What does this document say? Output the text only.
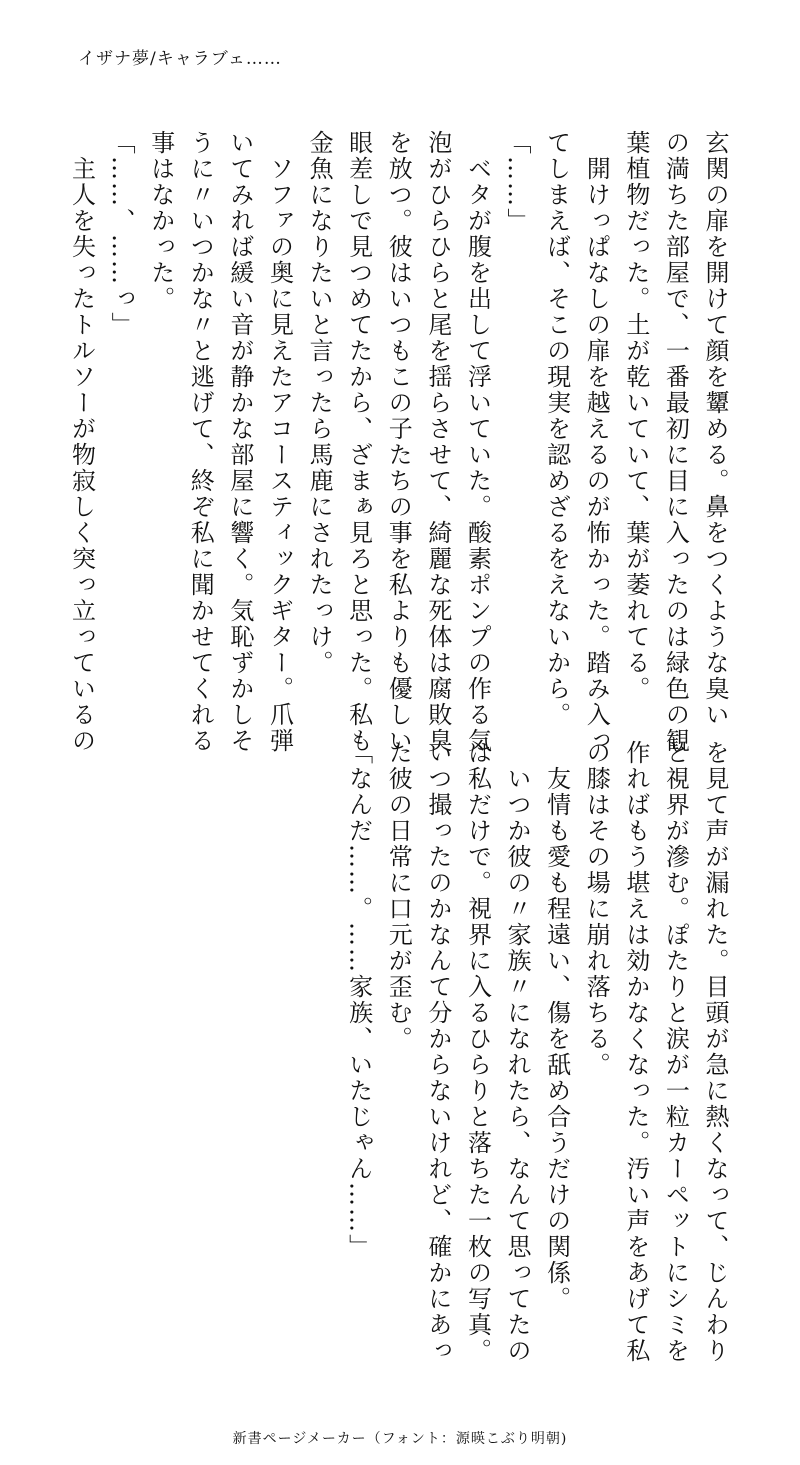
イザナ夢/キャラブェ……
玄関の扉を開けて顔を顰める。鼻をつくような臭い
の満ちた部屋で、一番最初に目に入ったのは緑色の観
葉植物だった。土が乾いていて、葉が萎れてる。
　開けっぱなしの扉を越えるのが怖かった。踏み入っ
てしまえば、そこの現実を認めざるをえないから。
「……」
　ベタが腹を出して浮いていた。酸素ポンプの作る気
泡がひらひらと尾を揺らさせて、綺麗な死体は腐敗臭
を放つ。彼はいつもこの子たちの事を私よりも優しい
眼差しで見つめてたから、ざまぁ見ろと思った。私も
金魚になりたいと言ったら馬鹿にされたっけ。
　ソファの奥に見えたアコースティックギター。爪弾
いてみれば緩い音が静かな部屋に響く。気恥ずかしそ
うに〃いつかな〃と逃げて、終ぞ私に聞かせてくれる
事はなかった。
「……、……っ」
　主人を失ったトルソーが物寂しく突っ立っているの
を見て声が漏れた。目頭が急に熱くなって、じんわり
と視界が滲む。ぽたりと涙が一粒カーペットにシミを
作ればもう堪えは効かなくなった。汚い声をあげて私
の膝はその場に崩れ落ちる。
　友情も愛も程遠い、傷を舐め合うだけの関係。
　いつか彼の〃家族〃になれたら、なんて思ってたの
は私だけで。視界に入るひらりと落ちた一枚の写真。
いつ撮ったのかなんて分からないけれど、確かにあっ
た彼の日常に口元が歪む。
「なんだ……。……家族、いたじゃん……」
新書ページメーカー（フォント：源暎こぶり明朝)
